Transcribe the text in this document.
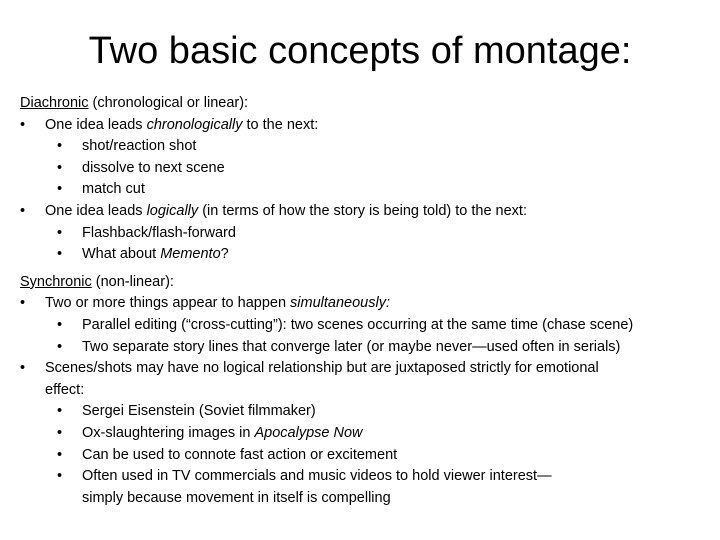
Two basic concepts of montage:
Diachronic (chronological or linear):
• One idea leads chronologically to the next:
• shot/reaction shot
• dissolve to next scene
• match cut
• One idea leads logically (in terms of how the story is being told) to the next:
• Flashback/flash-forward
• What about Memento?
Synchronic (non-linear):
• Two or more things appear to happen simultaneously:
• Parallel editing (“cross-cutting”): two scenes occurring at the same time (chase scene)
• Two separate story lines that converge later (or maybe never—used often in serials)
• Scenes/shots may have no logical relationship but are juxtaposed strictly for emotional
effect:
• Sergei Eisenstein (Soviet filmmaker)
• Ox-slaughtering images in Apocalypse Now
• Can be used to connote fast action or excitement
• Often used in TV commercials and music videos to hold viewer interest—
simply because movement in itself is compelling
